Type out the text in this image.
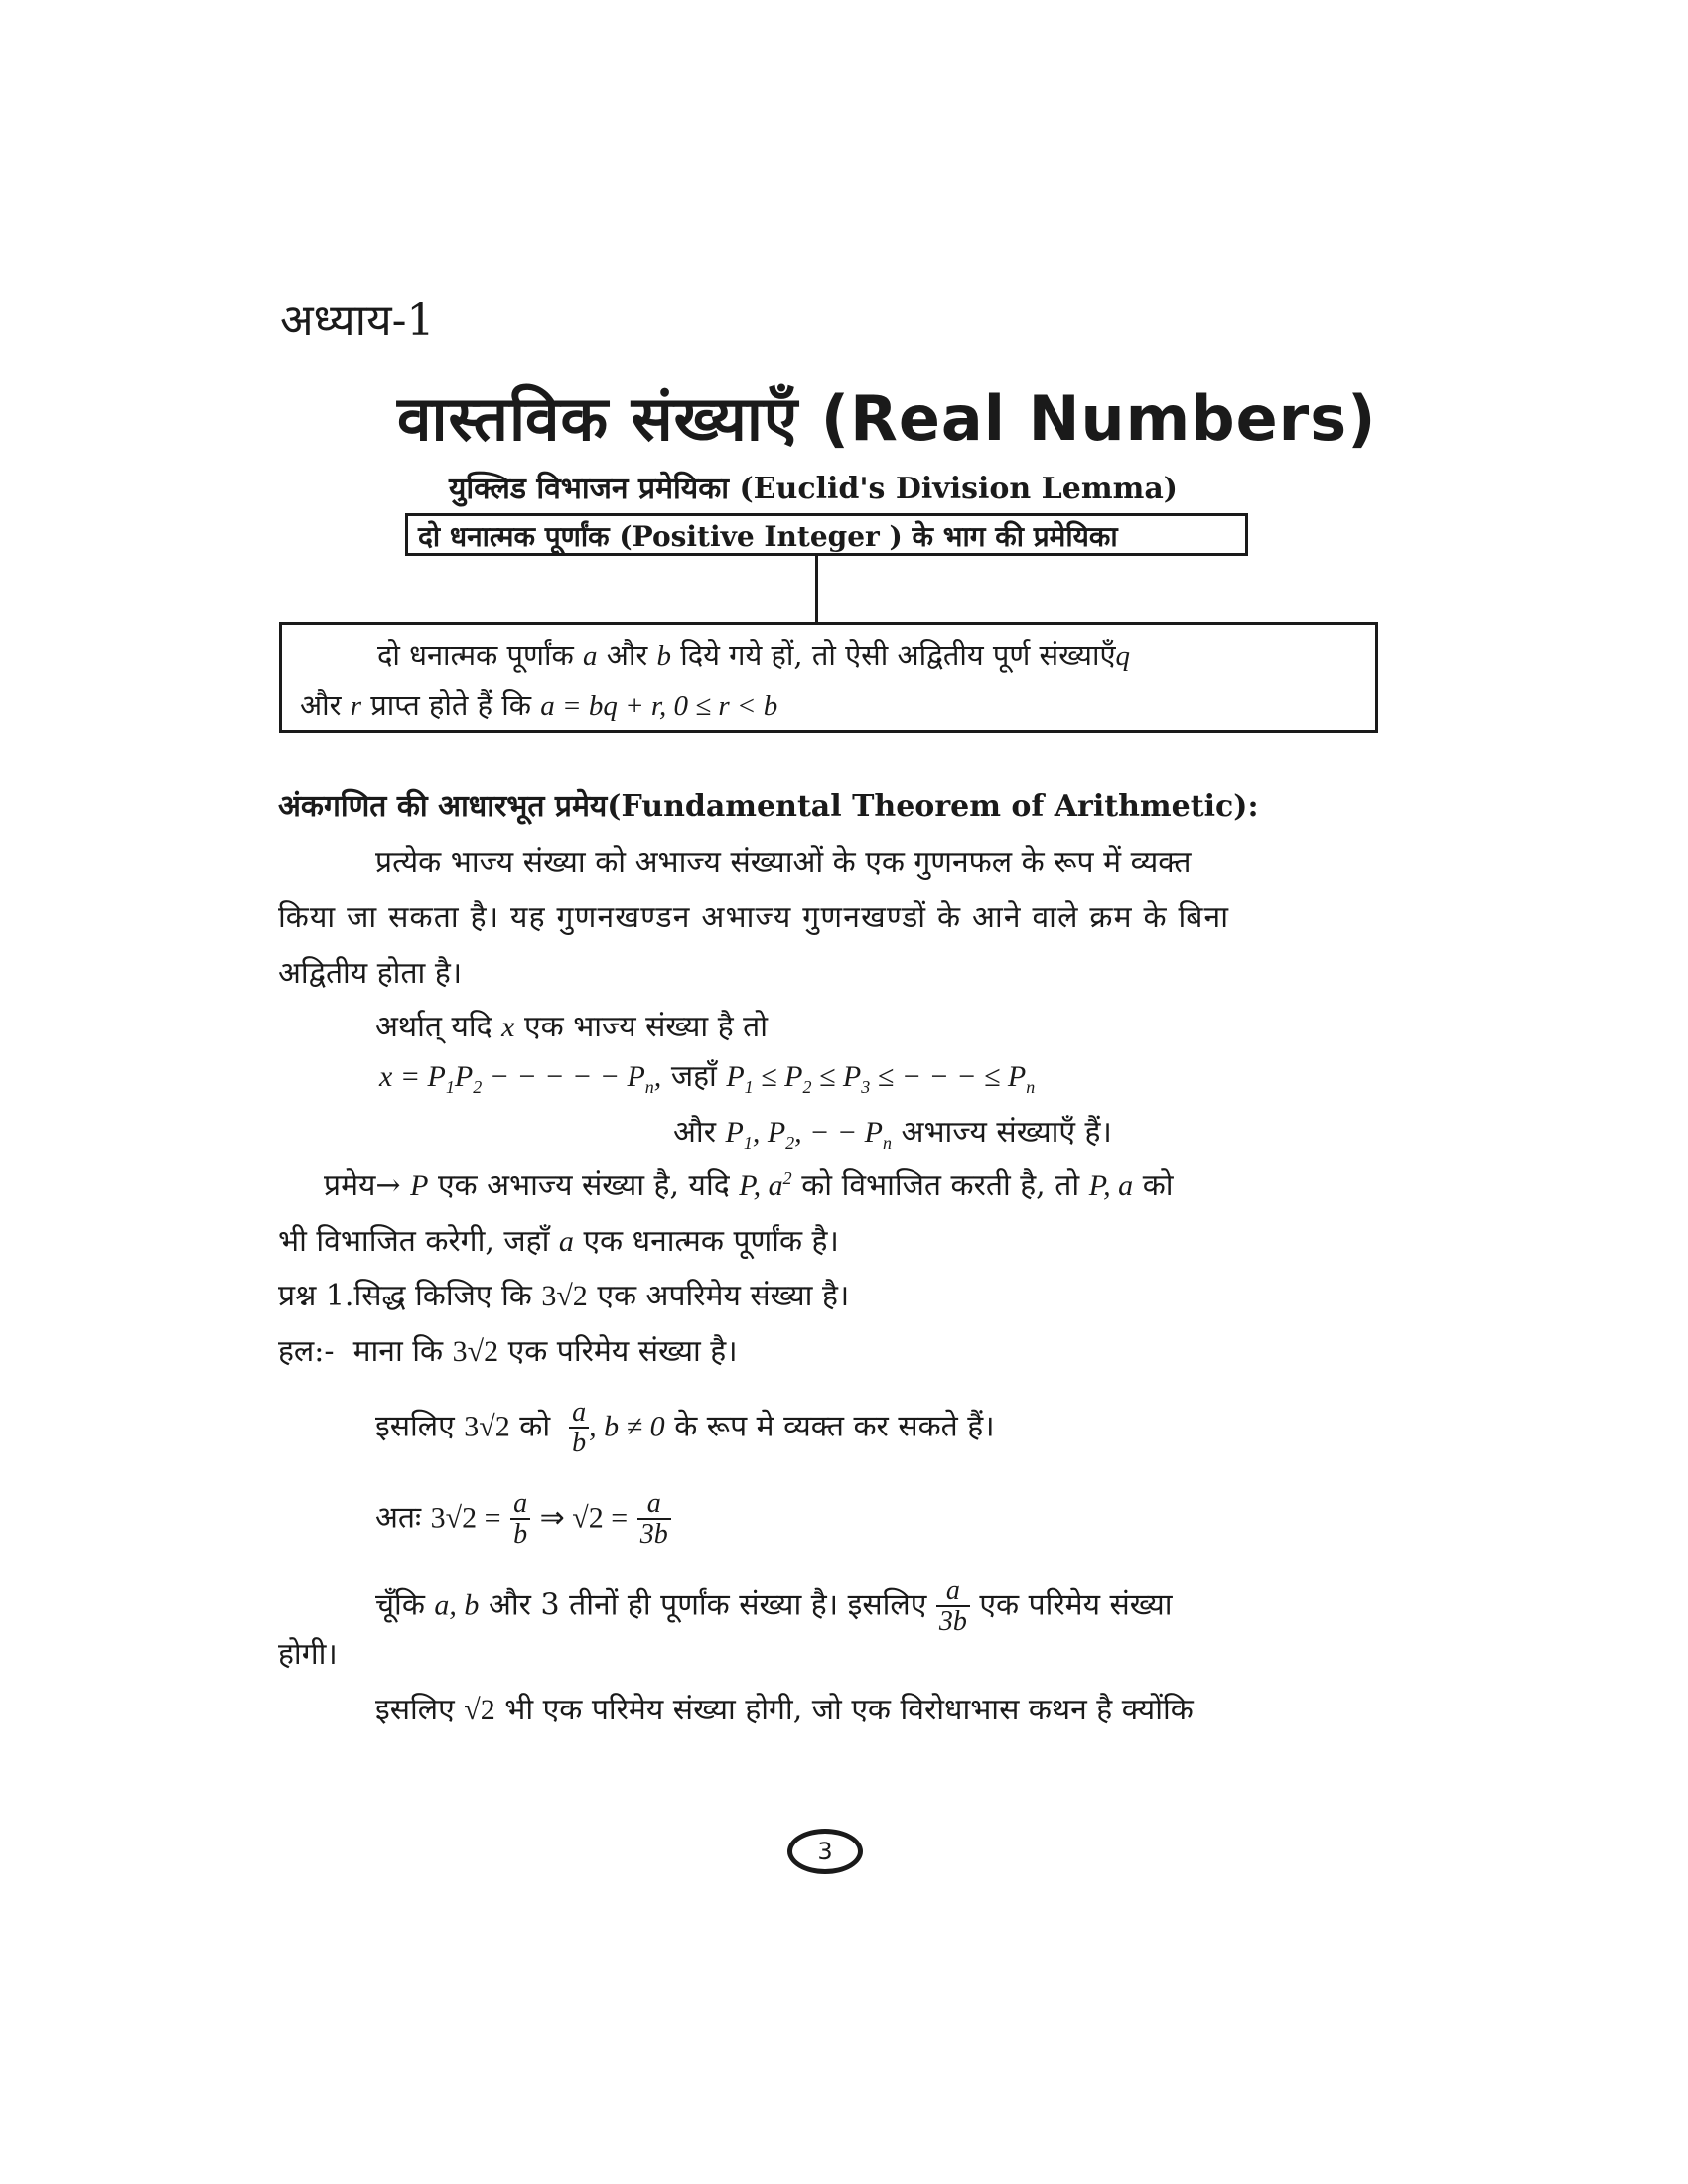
अध्याय-1
वास्तविक संख्याएँ (Real Numbers)
युक्लिड विभाजन प्रमेयिका (Euclid's Division Lemma)
दो धनात्मक पूर्णांक (Positive Integer ) के भाग की प्रमेयिका
दो धनात्मक पूर्णांक a और b दिये गये हों, तो ऐसी अद्वितीय पूर्ण संख्याएँq
और r प्राप्त होते हैं कि a = bq + r, 0 ≤ r < b
अंकगणित की आधारभूत प्रमेय(Fundamental Theorem of Arithmetic):
प्रत्येक भाज्य संख्या को अभाज्य संख्याओं के एक गुणनफल के रूप में व्यक्त
किया जा सकता है। यह गुणनखण्डन अभाज्य गुणनखण्डों के आने वाले क्रम के बिना
अद्वितीय होता है।
अर्थात् यदि x एक भाज्य संख्या है तो
$x = P_1P_2$ − − − − − $P_n$, जहाँ $P_1 \le P_2 \le P_3$ ≤ − − − ≤ $P_n$
और $P_1$, $P_2$, − − $P_n$ अभाज्य संख्याएँ हैं।
प्रमेय→ P एक अभाज्य संख्या है, यदि P, $a^2$ को विभाजित करती है, तो P, a को
भी विभाजित करेगी, जहाँ a एक धनात्मक पूर्णांक है।
प्रश्न 1.सिद्ध किजिए कि 3√2 एक अपरिमेय संख्या है।
हल:- माना कि 3√2 एक परिमेय संख्या है।
इसलिए 3√2 को $\frac{a}{b}$ , b ≠ 0 के रूप मे व्यक्त कर सकते हैं।
अतः $3√2 = \frac{a}{b}$ ⇒ $√2 = \frac{a}{3b}$
चूँकि a, b और 3 तीनों ही पूर्णांक संख्या है। इसलिए $\frac{a}{3b}$ एक परिमेय संख्या
होगी।
इसलिए √2 भी एक परिमेय संख्या होगी, जो एक विरोधाभास कथन है क्योंकि
3
